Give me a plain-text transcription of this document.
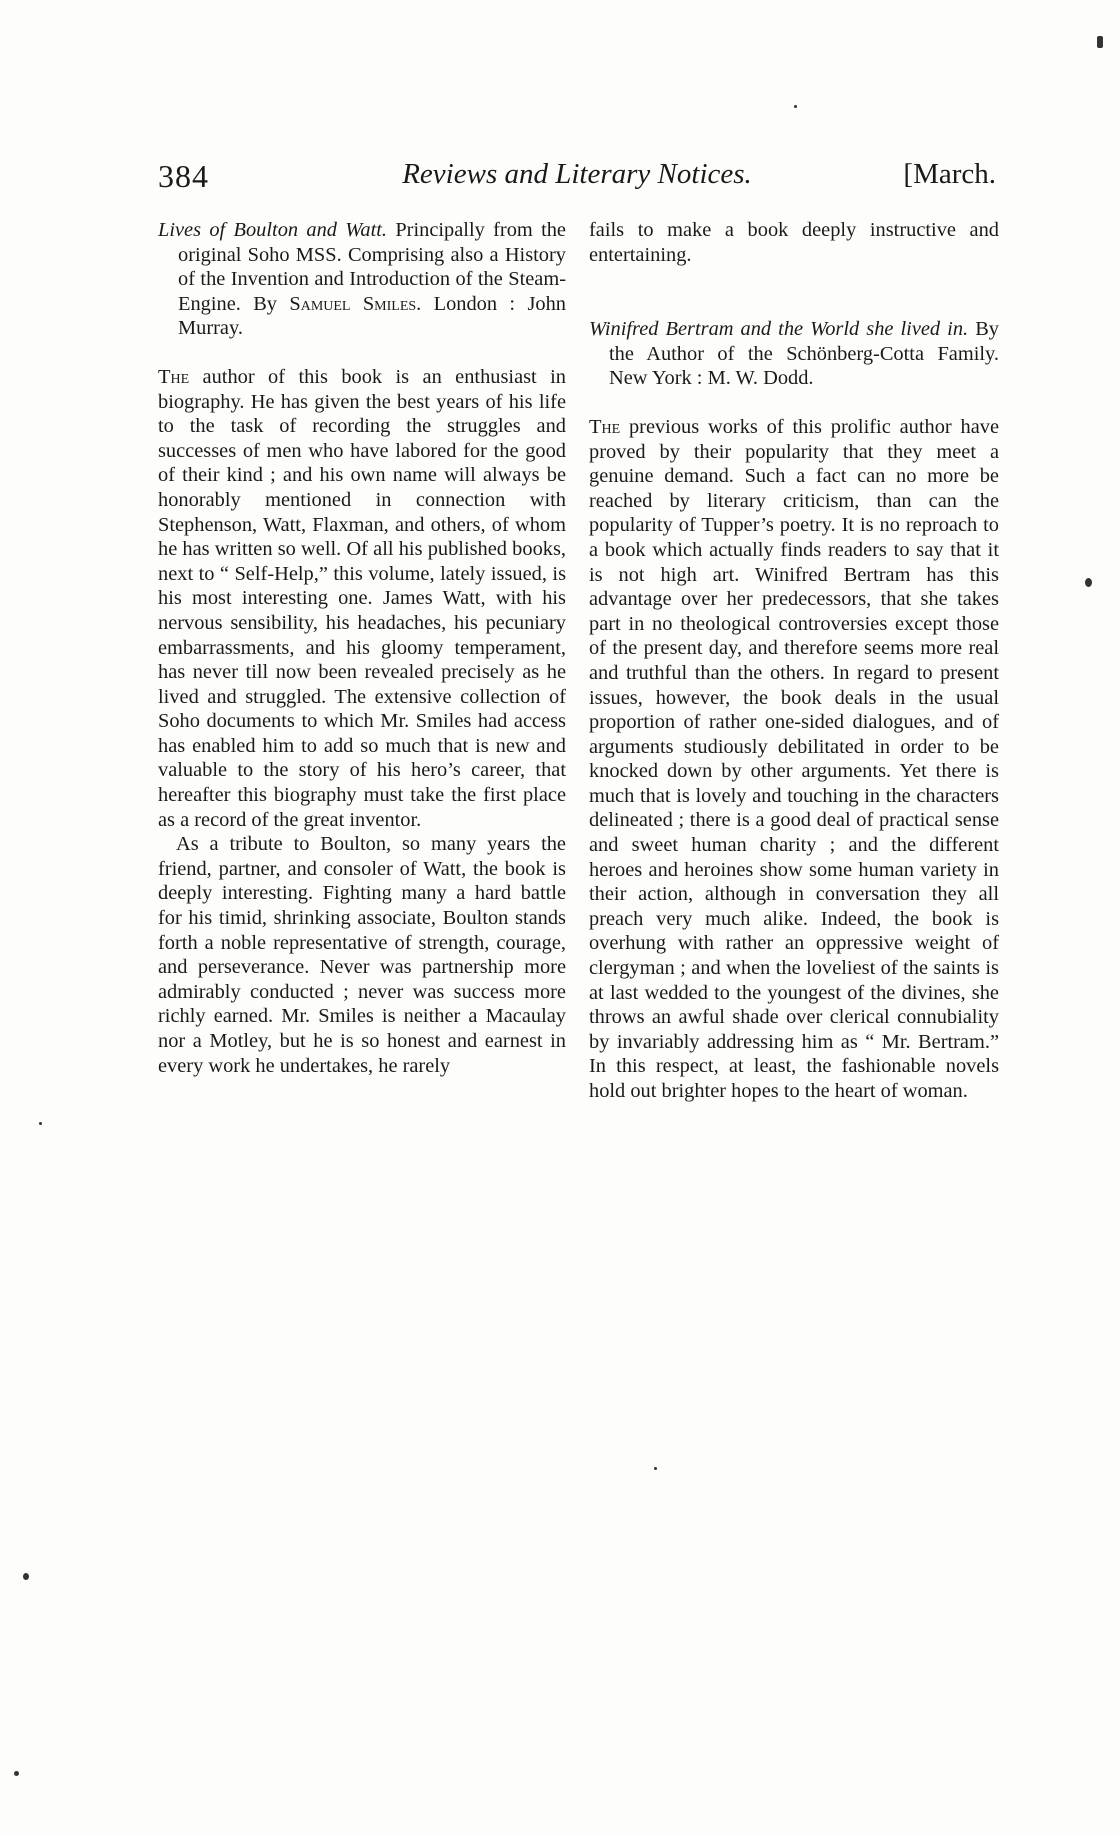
384	Reviews and Literary Notices.	[March.
Lives of Boulton and Watt. Principally from the original Soho MSS. Comprising also a History of the Invention and Introduction of the Steam-Engine. By Samuel Smiles. London : John Murray.

The author of this book is an enthusiast in biography. He has given the best years of his life to the task of recording the struggles and successes of men who have labored for the good of their kind ; and his own name will always be honorably mentioned in connection with Stephenson, Watt, Flaxman, and others, of whom he has written so well. Of all his published books, next to “ Self-Help,” this volume, lately issued, is his most interesting one. James Watt, with his nervous sensibility, his headaches, his pecuniary embarrassments, and his gloomy temperament, has never till now been revealed precisely as he lived and struggled. The extensive collection of Soho documents to which Mr. Smiles had access has enabled him to add so much that is new and valuable to the story of his hero’s career, that hereafter this biography must take the first place as a record of the great inventor.

As a tribute to Boulton, so many years the friend, partner, and consoler of Watt, the book is deeply interesting. Fighting many a hard battle for his timid, shrinking associate, Boulton stands forth a noble representative of strength, courage, and perseverance. Never was partnership more admirably conducted ; never was success more richly earned. Mr. Smiles is neither a Macaulay nor a Motley, but he is so honest and earnest in every work he undertakes, he rarely

fails to make a book deeply instructive and entertaining.

Winifred Bertram and the World she lived in. By the Author of the Schönberg-Cotta Family. New York : M. W. Dodd.

The previous works of this prolific author have proved by their popularity that they meet a genuine demand. Such a fact can no more be reached by literary criticism, than can the popularity of Tupper’s poetry. It is no reproach to a book which actually finds readers to say that it is not high art. Winifred Bertram has this advantage over her predecessors, that she takes part in no theological controversies except those of the present day, and therefore seems more real and truthful than the others. In regard to present issues, however, the book deals in the usual proportion of rather one-sided dialogues, and of arguments studiously debilitated in order to be knocked down by other arguments. Yet there is much that is lovely and touching in the characters delineated ; there is a good deal of practical sense and sweet human charity ; and the different heroes and heroines show some human variety in their action, although in conversation they all preach very much alike. Indeed, the book is overhung with rather an oppressive weight of clergyman ; and when the loveliest of the saints is at last wedded to the youngest of the divines, she throws an awful shade over clerical connubiality by invariably addressing him as “ Mr. Bertram.” In this respect, at least, the fashionable novels hold out brighter hopes to the heart of woman.
